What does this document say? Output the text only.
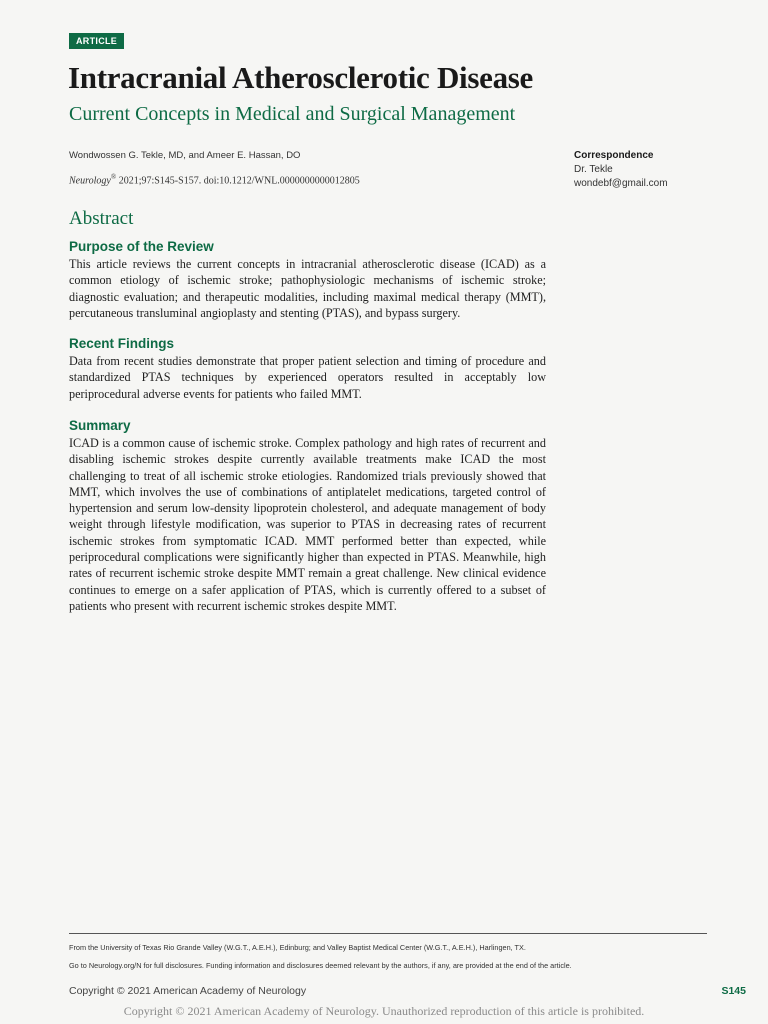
ARTICLE
Intracranial Atherosclerotic Disease
Current Concepts in Medical and Surgical Management
Wondwossen G. Tekle, MD, and Ameer E. Hassan, DO
Neurology® 2021;97:S145-S157. doi:10.1212/WNL.0000000000012805
Correspondence
Dr. Tekle
wondebf@gmail.com
Abstract
Purpose of the Review

This article reviews the current concepts in intracranial atherosclerotic disease (ICAD) as a common etiology of ischemic stroke; pathophysiologic mechanisms of ischemic stroke; diagnostic evaluation; and therapeutic modalities, including maximal medical therapy (MMT), percutaneous transluminal angioplasty and stenting (PTAS), and bypass surgery.

Recent Findings

Data from recent studies demonstrate that proper patient selection and timing of procedure and standardized PTAS techniques by experienced operators resulted in acceptably low periprocedural adverse events for patients who failed MMT.

Summary

ICAD is a common cause of ischemic stroke. Complex pathology and high rates of recurrent and disabling ischemic strokes despite currently available treatments make ICAD the most challenging to treat of all ischemic stroke etiologies. Randomized trials previously showed that MMT, which involves the use of combinations of antiplatelet medications, targeted control of hypertension and serum low-density lipoprotein cholesterol, and adequate management of body weight through lifestyle modification, was superior to PTAS in decreasing rates of recurrent ischemic strokes from symptomatic ICAD. MMT performed better than expected, while periprocedural complications were significantly higher than expected in PTAS. Meanwhile, high rates of recurrent ischemic stroke despite MMT remain a great challenge. New clinical evidence continues to emerge on a safer application of PTAS, which is currently offered to a subset of patients who present with recurrent ischemic strokes despite MMT.

From the University of Texas Rio Grande Valley (W.G.T., A.E.H.), Edinburg; and Valley Baptist Medical Center (W.G.T., A.E.H.), Harlingen, TX.
Go to Neurology.org/N for full disclosures. Funding information and disclosures deemed relevant by the authors, if any, are provided at the end of the article.
Copyright © 2021 American Academy of Neurology	S145
Copyright © 2021 American Academy of Neurology. Unauthorized reproduction of this article is prohibited.
